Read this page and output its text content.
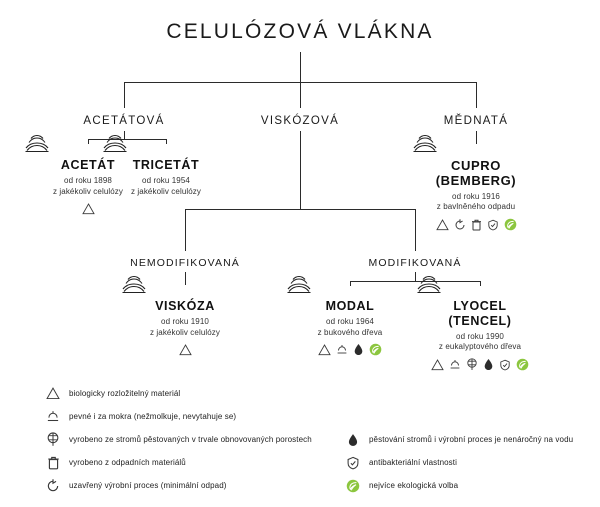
CELULÓZOVÁ VLÁKNA
ACETÁTOVÁ	VISKÓZOVÁ	MĚDNATÁ
NEMODIFIKOVANÁ	MODIFIKOVANÁ
ACETÁT
od roku 1898
z jakékoliv celulózy
TRICETÁT
od roku 1954
z jakékoliv celulózy
CUPRO
(BEMBERG)
od roku 1916
z bavlněného odpadu
VISKÓZA
od roku 1910
z jakékoliv celulózy
MODAL
od roku 1964
z bukového dřeva
LYOCEL
(TENCEL)
od roku 1990
z eukalyptového dřeva
biologicky rozložitelný materiál
pevné i za mokra (nežmolkuje, nevytahuje se)
vyrobeno ze stromů pěstovaných v trvale obnovovaných porostech
vyrobeno z odpadních materiálů
uzavřený výrobní proces (minimální odpad)
pěstování stromů i výrobní proces je nenáročný na vodu
antibakteriální vlastnosti
nejvíce ekologická volba
